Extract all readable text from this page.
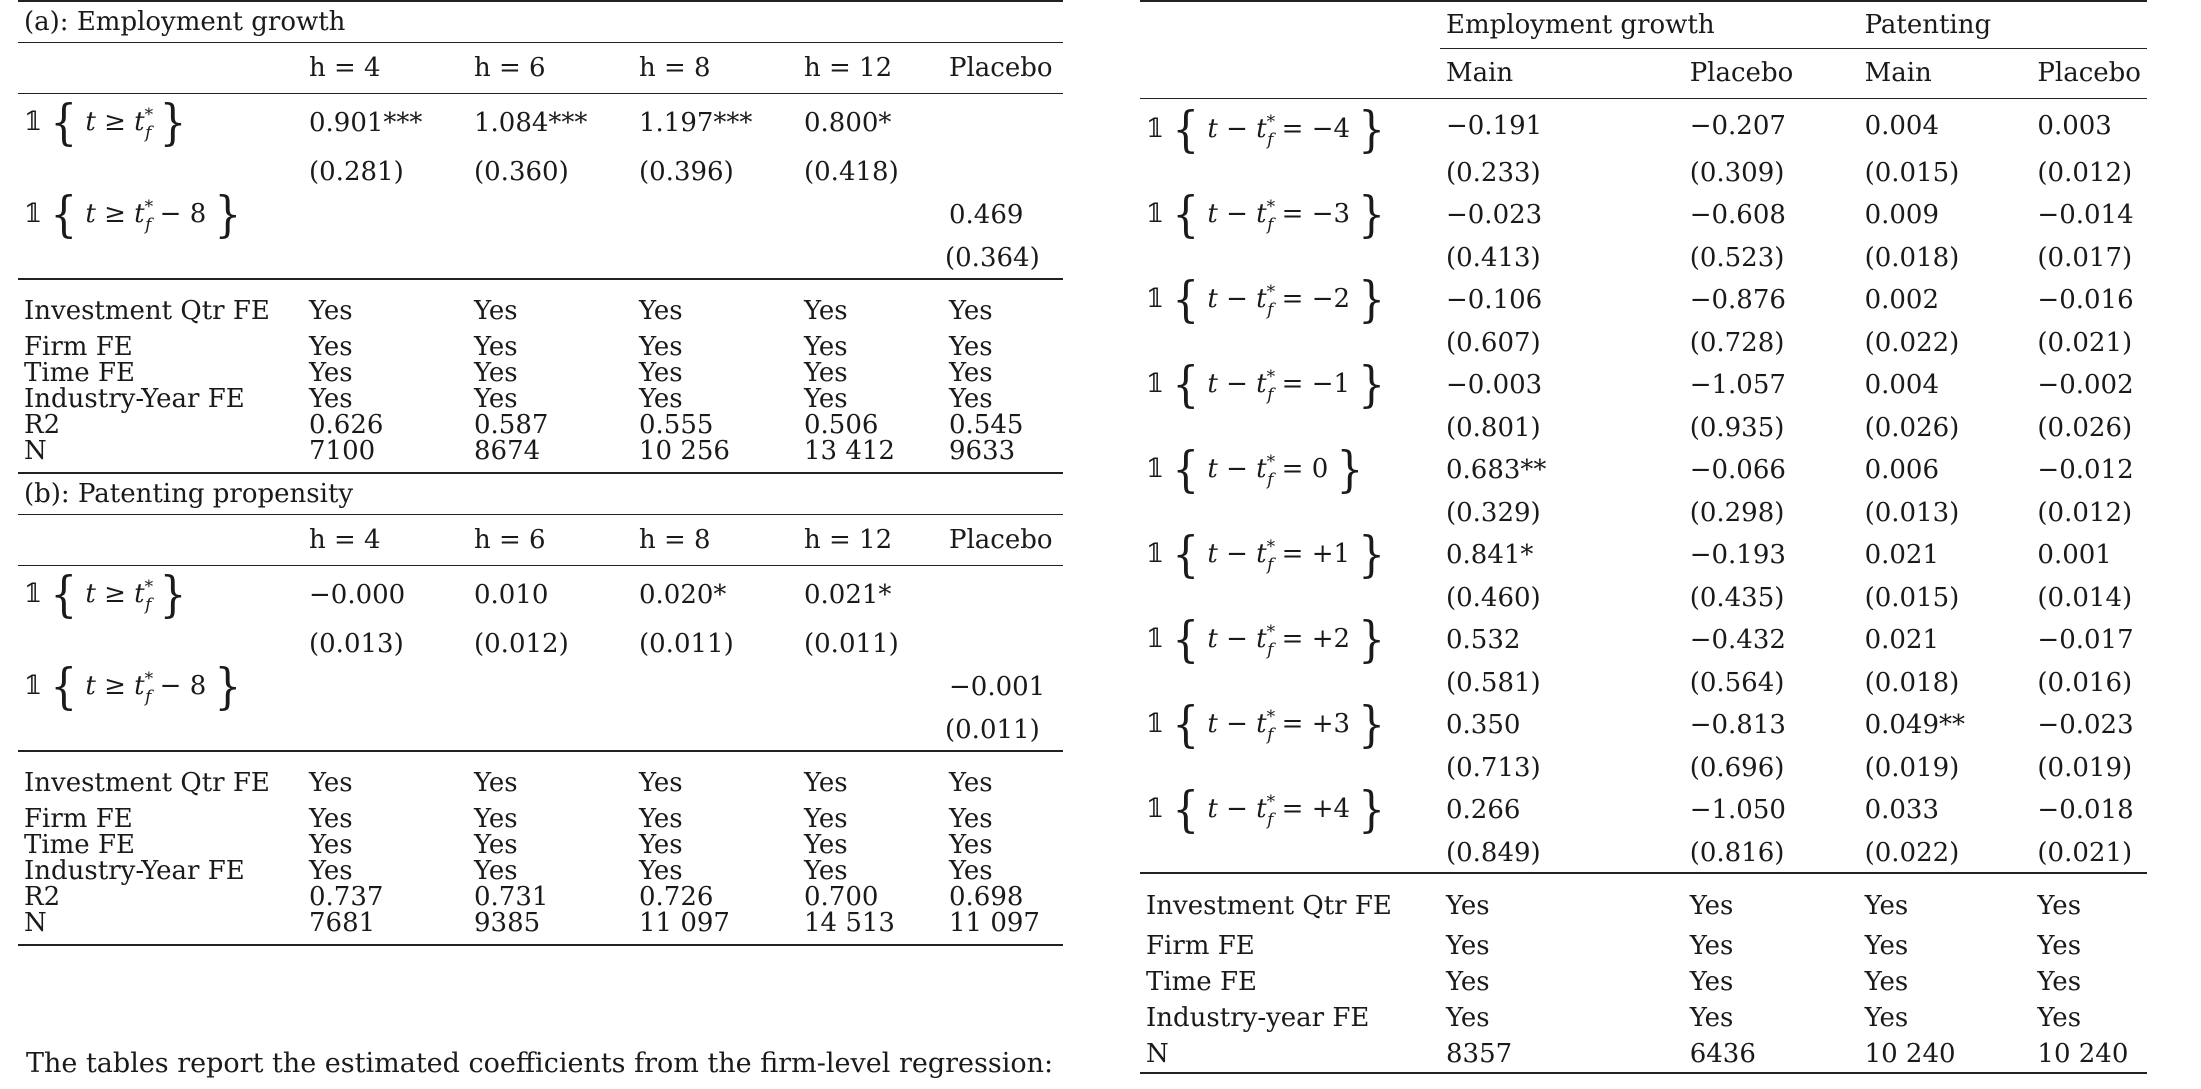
(a): Employment growth					
	h = 4	h = 6	h = 8	h = 12	Placebo
𝟙 { $t \ge t^*_f$ }	0.901***	1.084***	1.197***	0.800*	
	(0.281)	(0.360)	(0.396)	(0.418)	
𝟙 { $t \ge t^*_f - 8$ }					0.469
					(0.364)
Investment Qtr FE	Yes	Yes	Yes	Yes	Yes
Firm FE	Yes	Yes	Yes	Yes	Yes
Time FE	Yes	Yes	Yes	Yes	Yes
Industry-Year FE	Yes	Yes	Yes	Yes	Yes
R2	0.626	0.587	0.555	0.506	0.545
N	7100	8674	10 256	13 412	9633
(b): Patenting propensity					
	h = 4	h = 6	h = 8	h = 12	Placebo
𝟙 { $t \ge t^*_f$ }	−0.000	0.010	0.020*	0.021*	
	(0.013)	(0.012)	(0.011)	(0.011)	
𝟙 { $t \ge t^*_f - 8$ }					−0.001
					(0.011)
Investment Qtr FE	Yes	Yes	Yes	Yes	Yes
Firm FE	Yes	Yes	Yes	Yes	Yes
Time FE	Yes	Yes	Yes	Yes	Yes
Industry-Year FE	Yes	Yes	Yes	Yes	Yes
R2	0.737	0.731	0.726	0.700	0.698
N	7681	9385	11 097	14 513	11 097
The tables report the estimated coefficients from the firm-level regression:
	Employment growth		Patenting	
	Main	Placebo	Main	Placebo
𝟙 { $t - t^*_f = -4$ }	−0.191	−0.207	0.004	0.003
	(0.233)	(0.309)	(0.015)	(0.012)
𝟙 { $t - t^*_f = -3$ }	−0.023	−0.608	0.009	−0.014
	(0.413)	(0.523)	(0.018)	(0.017)
𝟙 { $t - t^*_f = -2$ }	−0.106	−0.876	0.002	−0.016
	(0.607)	(0.728)	(0.022)	(0.021)
𝟙 { $t - t^*_f = -1$ }	−0.003	−1.057	0.004	−0.002
	(0.801)	(0.935)	(0.026)	(0.026)
𝟙 { $t - t^*_f = 0$ }	0.683**	−0.066	0.006	−0.012
	(0.329)	(0.298)	(0.013)	(0.012)
𝟙 { $t - t^*_f = +1$ }	0.841*	−0.193	0.021	0.001
	(0.460)	(0.435)	(0.015)	(0.014)
𝟙 { $t - t^*_f = +2$ }	0.532	−0.432	0.021	−0.017
	(0.581)	(0.564)	(0.018)	(0.016)
𝟙 { $t - t^*_f = +3$ }	0.350	−0.813	0.049**	−0.023
	(0.713)	(0.696)	(0.019)	(0.019)
𝟙 { $t - t^*_f = +4$ }	0.266	−1.050	0.033	−0.018
	(0.849)	(0.816)	(0.022)	(0.021)
Investment Qtr FE	Yes	Yes	Yes	Yes
Firm FE	Yes	Yes	Yes	Yes
Time FE	Yes	Yes	Yes	Yes
Industry-year FE	Yes	Yes	Yes	Yes
N	8357	6436	10 240	10 240
